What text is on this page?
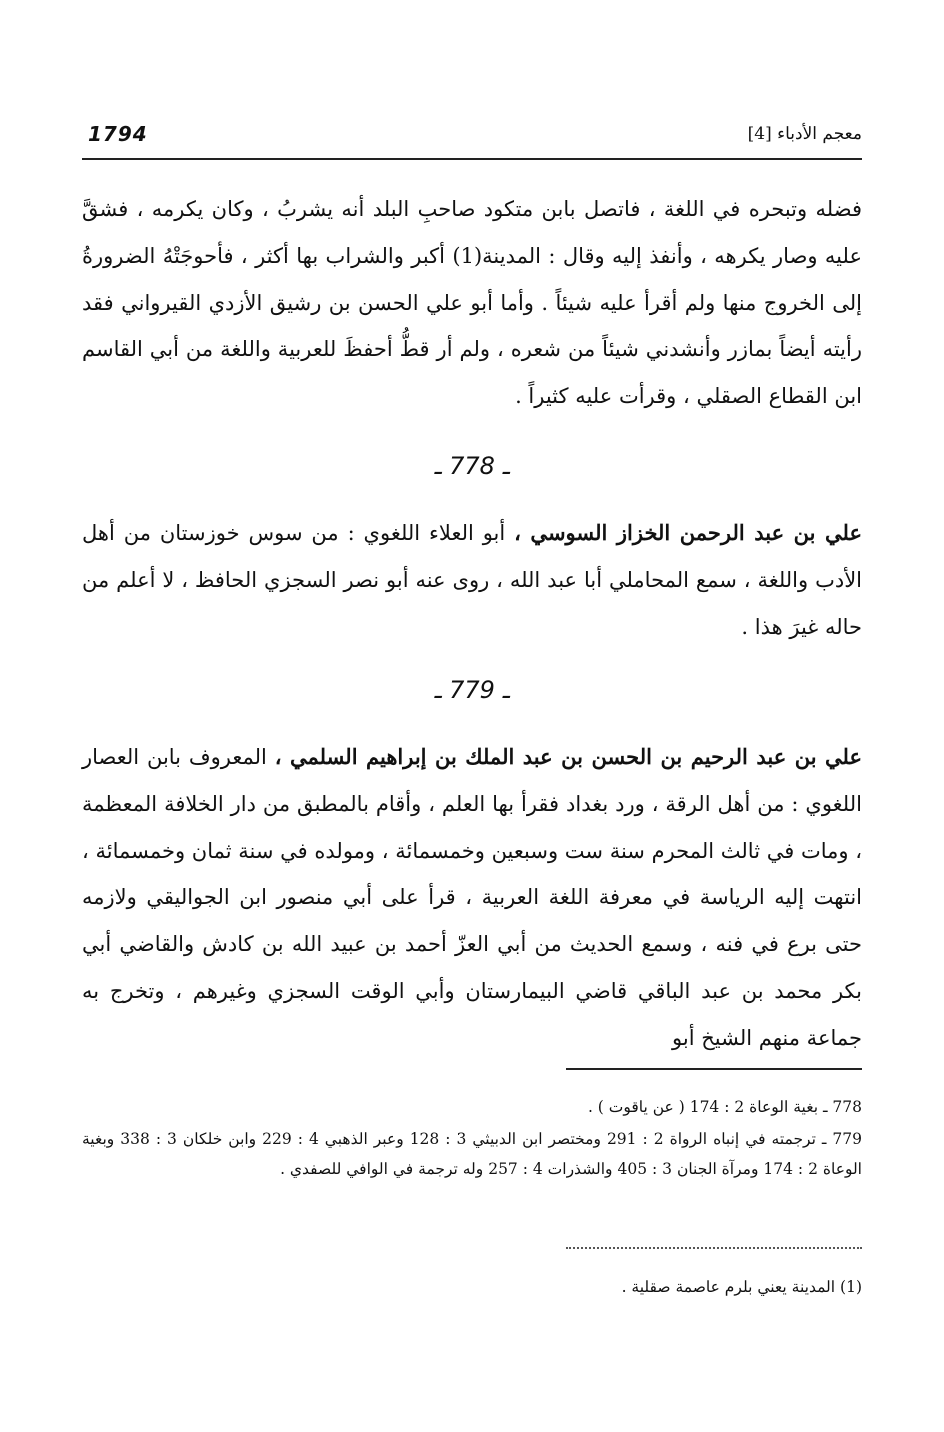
1794	معجم الأدباء [4]
فضله وتبحره في اللغة ، فاتصل بابن متكود صاحبِ البلد أنه يشربُ ، وكان يكرمه ، فشقَّ عليه وصار يكرهه ، وأنفذ إليه وقال : المدينة(1) أكبر والشراب بها أكثر ، فأحوجَتْهُ الضرورةُ إلى الخروج منها ولم أقرأ عليه شيئاً . وأما أبو علي الحسن بن رشيق الأزدي القيرواني فقد رأيته أيضاً بمازر وأنشدني شيئاً من شعره ، ولم أر قطُّ أحفظَ للعربية واللغة من أبي القاسم ابن القطاع الصقلي ، وقرأت عليه كثيراً .
ـ 778 ـ
علي بن عبد الرحمن الخزاز السوسي ، أبو العلاء اللغوي : من سوس خوزستان من أهل الأدب واللغة ، سمع المحاملي أبا عبد الله ، روى عنه أبو نصر السجزي الحافظ ، لا أعلم من حاله غيرَ هذا .
ـ 779 ـ
علي بن عبد الرحيم بن الحسن بن عبد الملك بن إبراهيم السلمي ، المعروف بابن العصار اللغوي : من أهل الرقة ، ورد بغداد فقرأ بها العلم ، وأقام بالمطبق من دار الخلافة المعظمة ، ومات في ثالث المحرم سنة ست وسبعين وخمسمائة ، ومولده في سنة ثمان وخمسمائة ، انتهت إليه الرياسة في معرفة اللغة العربية ، قرأ على أبي منصور ابن الجواليقي ولازمه حتى برع في فنه ، وسمع الحديث من أبي العزّ أحمد بن عبيد الله بن كادش والقاضي أبي بكر محمد بن عبد الباقي قاضي البيمارستان وأبي الوقت السجزي وغيرهم ، وتخرج به جماعة منهم الشيخ أبو
778 ـ بغية الوعاة 2 : 174 ( عن ياقوت ) .
779 ـ ترجمته في إنباه الرواة 2 : 291 ومختصر ابن الدبيثي 3 : 128 وعبر الذهبي 4 : 229 وابن خلكان 3 : 338 وبغية الوعاة 2 : 174 ومرآة الجنان 3 : 405 والشذرات 4 : 257 وله ترجمة في الوافي للصفدي .
(1) المدينة يعني بلرم عاصمة صقلية .
